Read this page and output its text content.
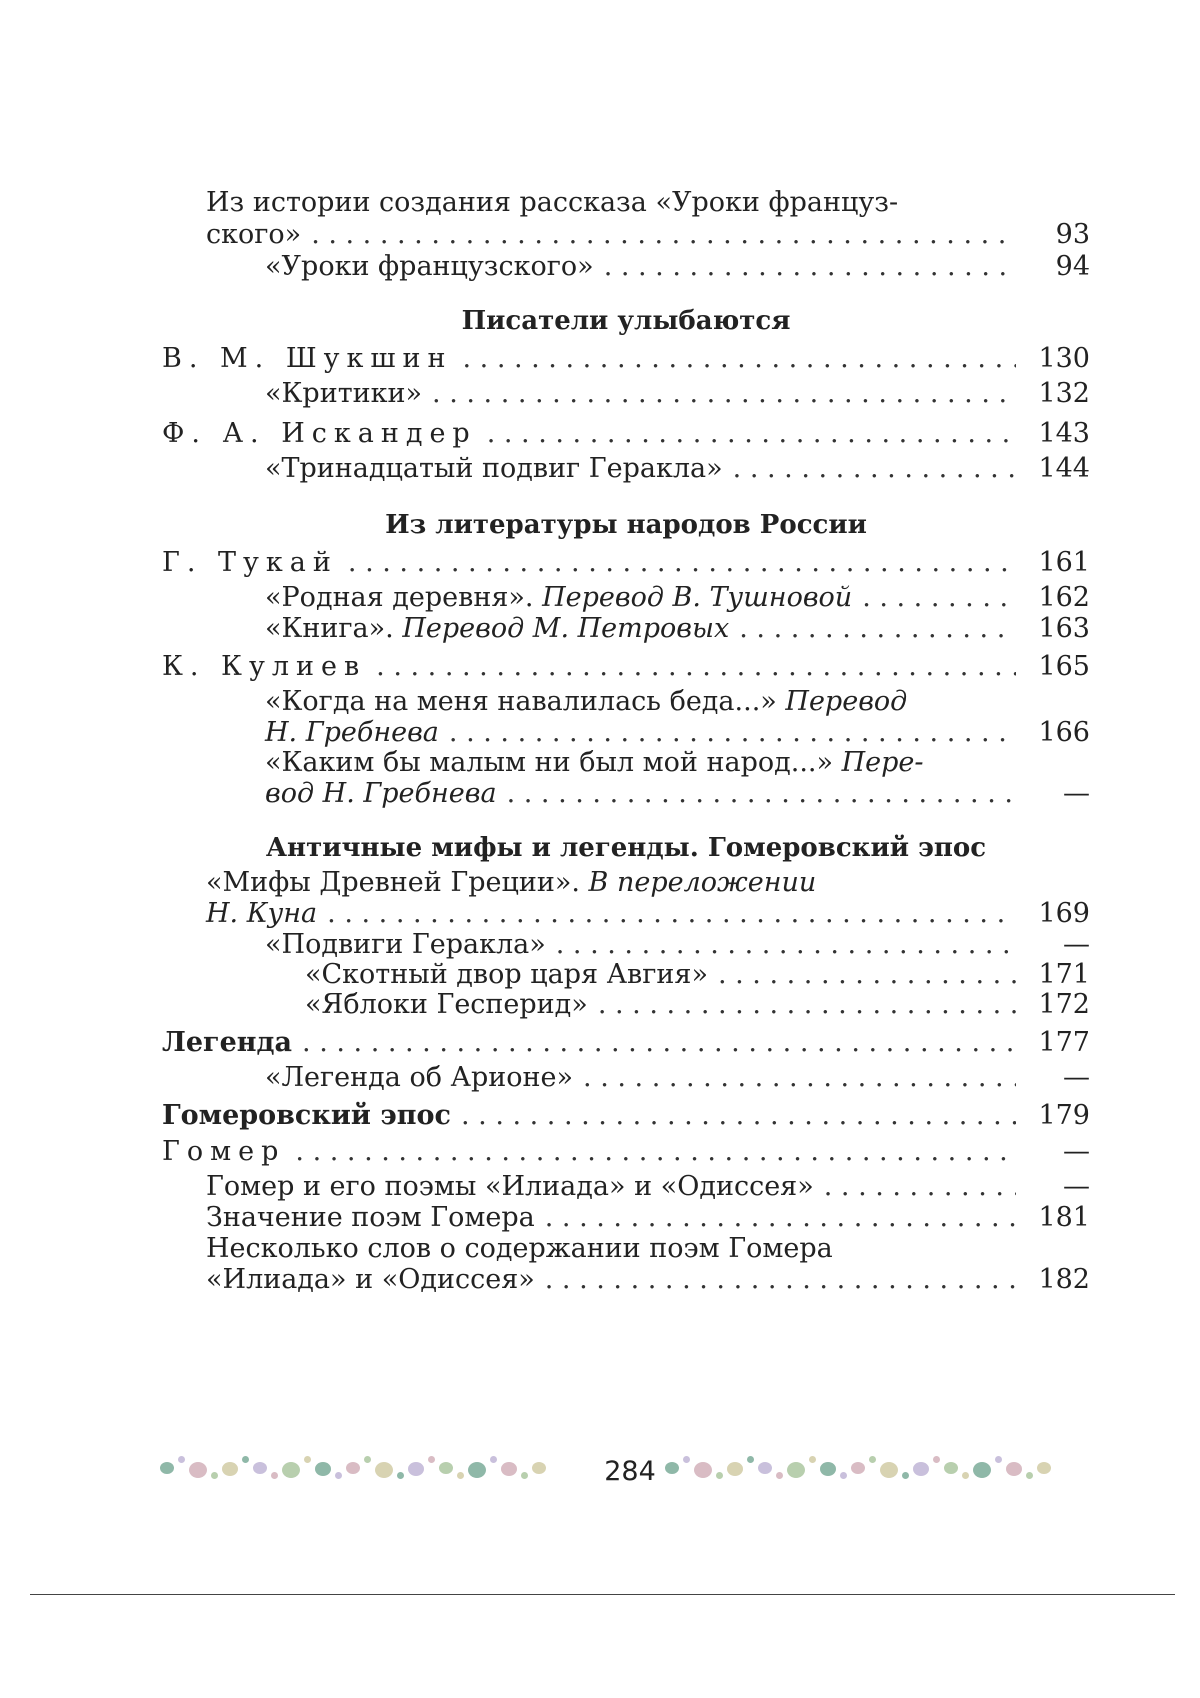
Из истории создания рассказа «Уроки француз-
ского» . . .	93
«Уроки французского» . . .	94
Писатели улыбаются
В. М. Шукшин . . .	130
«Критики» . . .	132
Ф. А. Искандер . . .	143
«Тринадцатый подвиг Геракла» . . .	144
Из литературы народов России
Г. Тукай . . .	161
«Родная деревня». Перевод В. Тушновой . . .	162
«Книга». Перевод М. Петровых . . .	163
К. Кулиев . . .	165
«Когда на меня навалилась беда...» Перевод
Н. Гребнева . . .	166
«Каким бы малым ни был мой народ...» Пере-
вод Н. Гребнева . . .	—
Античные мифы и легенды. Гомеровский эпос
«Мифы Древней Греции». В переложении
Н. Куна . . .	169
«Подвиги Геракла» . . .	—
«Скотный двор царя Авгия» . . .	171
«Яблоки Гесперид» . . .	172
Легенда . . .	177
«Легенда об Арионе» . . .	—
Гомеровский эпос . . .	179
Гомер . . .	—
Гомер и его поэмы «Илиада» и «Одиссея» . . .	—
Значение поэм Гомера . . .	181
Несколько слов о содержании поэм Гомера
«Илиада» и «Одиссея» . . .	182
284
